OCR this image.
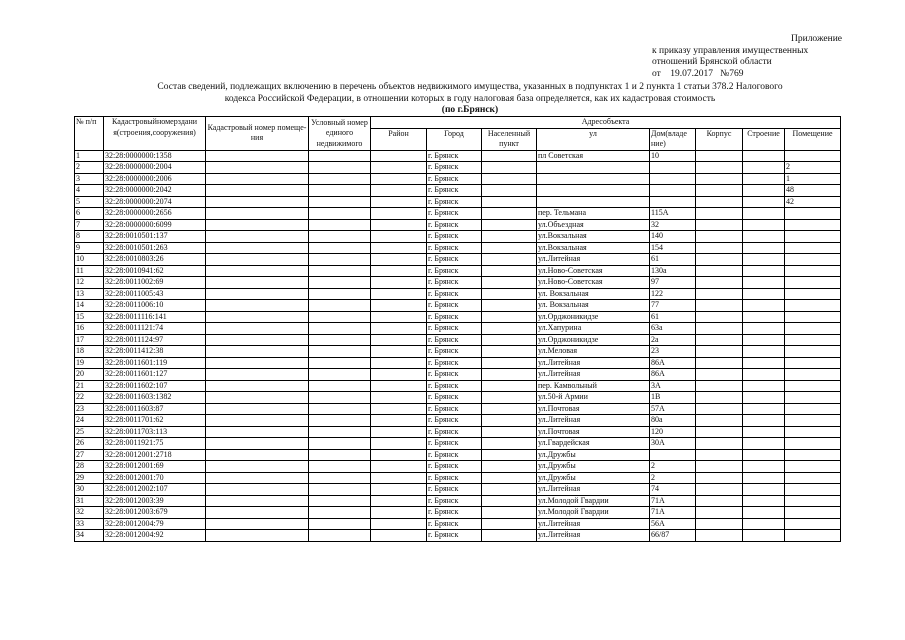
Приложение
к приказу управления имущественных
отношений Брянской области
от    19.07.2017   №769
Состав сведений, подлежащих включению в перечень объектов недвижимого имущества, указанных в подпунктах 1 и 2 пункта 1 статьи 378.2 Налогового
кодекса Российской Федерации, в отношении которых в году налоговая база определяется, как их кадастровая стоимость
(по г.Брянск)
№ п/п	Кадастровыйномерздани я(строения,сооружения)	Кадастровый номер помеще-ния	Условный номер единого недвижимого	Адресобъекта							
				Район	Город	Населенный пункт	ул	Дом(владе ние)	Корпус	Строение	Помещение
1	32:28:0000000:1358				г. Брянск		пл Советская	10			
2	32:28:0000000:2004				г. Брянск						2
3	32:28:0000000:2006				г. Брянск						1
4	32:28:0000000:2042				г. Брянск						48
5	32:28:0000000:2074				г. Брянск						42
6	32:28:0000000:2656				г. Брянск		пер. Тельмана	115А			
7	32:28:0000000:6099				г. Брянск		ул.Объездная	32			
8	32:28:0010501:137				г. Брянск		ул.Вокзальная	140			
9	32:28:0010501:263				г. Брянск		ул.Вокзальная	154			
10	32:28:0010803:26				г. Брянск		ул.Литейная	61			
11	32:28:0010941:62				г. Брянск		ул.Ново-Советская	130а			
12	32:28:0011002:69				г. Брянск		ул.Ново-Советская	97			
13	32:28:0011005:43				г. Брянск		ул. Вокзальная	122			
14	32:28:0011006:10				г. Брянск		ул. Вокзальная	77			
15	32:28:0011116:141				г. Брянск		ул.Орджоникидзе	61			
16	32:28:0011121:74				г. Брянск		ул.Хапурина	63а			
17	32:28:0011124:97				г. Брянск		ул.Орджоникидзе	2а			
18	32:28:0011412:38				г. Брянск		ул.Меловая	23			
19	32:28:0011601:119				г. Брянск		ул.Литейная	86А			
20	32:28:0011601:127				г. Брянск		ул.Литейная	86А			
21	32:28:0011602:107				г. Брянск		пер. Камвольный	3А			
22	32:28:0011603:1382				г. Брянск		ул.50-й Армии	1В			
23	32:28:0011603:87				г. Брянск		ул.Почтовая	57А			
24	32:28:0011701:62				г. Брянск		ул.Литейная	80а			
25	32:28:0011703:113				г. Брянск		ул.Почтовая	120			
26	32:28:0011921:75				г. Брянск		ул.Гвардейская	30А			
27	32:28:0012001:2718				г. Брянск		ул.Дружбы				
28	32:28:0012001:69				г. Брянск		ул.Дружбы	2			
29	32:28:0012001:70				г. Брянск		ул.Дружбы	2			
30	32:28:0012002:107				г. Брянск		ул.Литейная	74			
31	32:28:0012003:39				г. Брянск		ул.Молодой Гвардии	71А			
32	32:28:0012003:679				г. Брянск		ул.Молодой Гвардии	71А			
33	32:28:0012004:79				г. Брянск		ул.Литейная	56А			
34	32:28:0012004:92				г. Брянск		ул.Литейная	66/87			
